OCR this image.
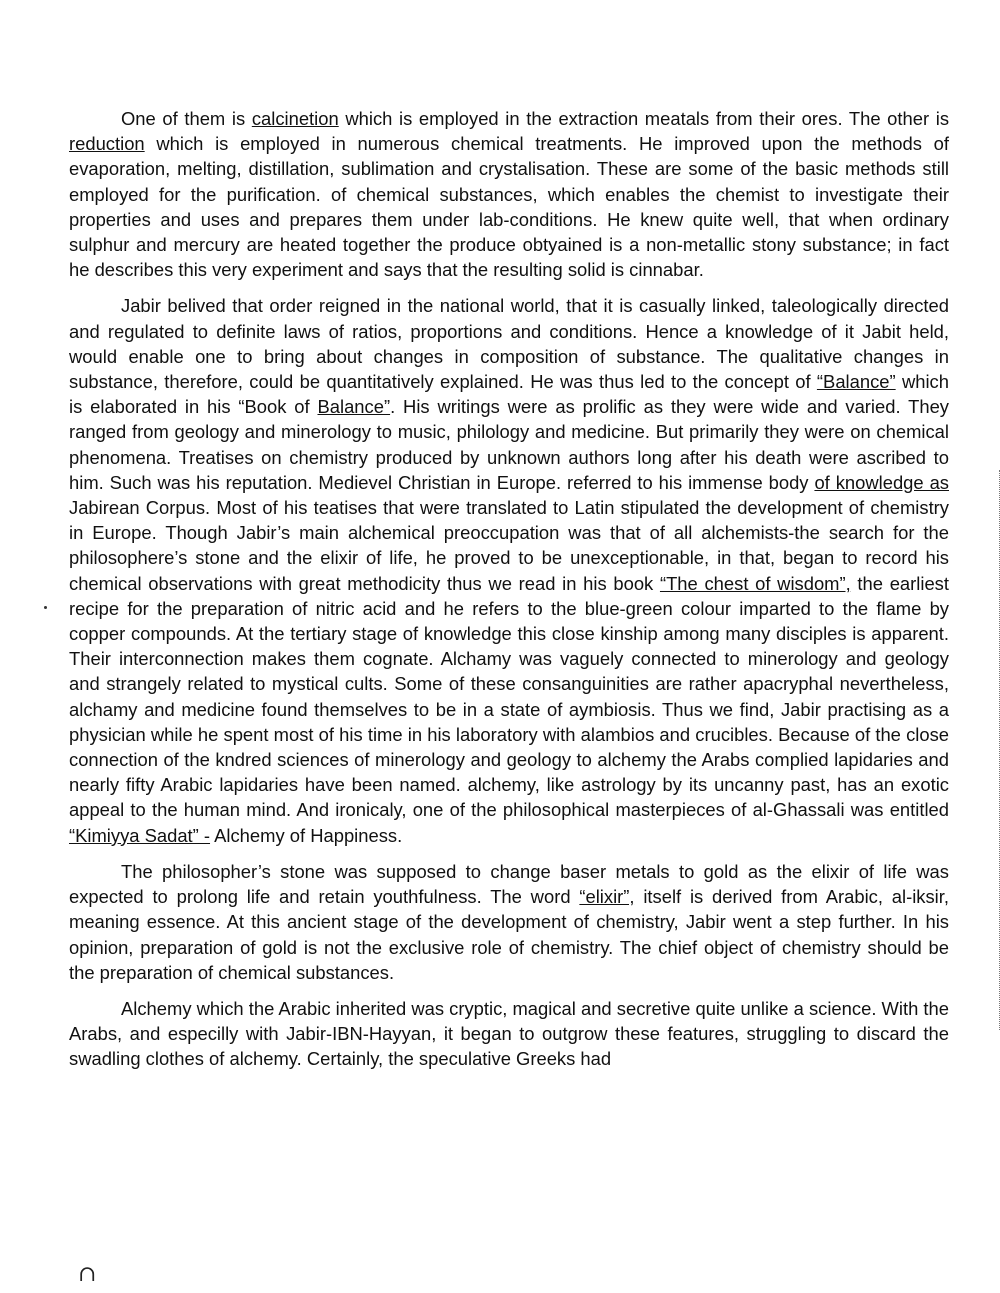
One of them is calcinetion which is employed in the extraction meatals from their ores. The other is reduction which is employed in numerous chemical treatments. He improved upon the methods of evaporation, melting, distillation, sublimation and crystalisation. These are some of the basic methods still employed for the purification. of chemical substances, which enables the chemist to investigate their properties and uses and prepares them under lab-conditions. He knew quite well, that when ordinary sulphur and mercury are heated together the produce obtyained is a non-metallic stony substance; in fact he describes this very experiment and says that the resulting solid is cinnabar.

Jabir belived that order reigned in the national world, that it is casually linked, taleologically directed and regulated to definite laws of ratios, proportions and conditions. Hence a knowledge of it Jabit held, would enable one to bring about changes in composition of substance. The qualitative changes in substance, therefore, could be quantitatively explained. He was thus led to the concept of “Balance” which is elaborated in his “Book of Balance”. His writings were as prolific as they were wide and varied. They ranged from geology and minerology to music, philology and medicine. But primarily they were on chemical phenomena. Treatises on chemistry produced by unknown authors long after his death were ascribed to him. Such was his reputation. Medievel Christian in Europe. referred to his immense body of knowledge as Jabirean Corpus. Most of his teatises that were translated to Latin stipulated the development of chemistry in Europe. Though Jabir’s main alchemical preoccupation was that of all alchemists-the search for the philosophere’s stone and the elixir of life, he proved to be unexceptionable, in that, began to record his chemical observations with great methodicity thus we read in his book “The chest of wisdom”, the earliest recipe for the preparation of nitric acid and he refers to the blue-green colour imparted to the flame by copper compounds. At the tertiary stage of knowledge this close kinship among many disciples is apparent. Their interconnection makes them cognate. Alchamy was vaguely connected to minerology and geology and strangely related to mystical cults. Some of these consanguinities are rather apacryphal nevertheless, alchamy and medicine found themselves to be in a state of aymbiosis. Thus we find, Jabir practising as a physician while he spent most of his time in his laboratory with alambios and crucibles. Because of the close connection of the kndred sciences of minerology and geology to alchemy the Arabs complied lapidaries and nearly fifty Arabic lapidaries have been named. alchemy, like astrology by its uncanny past, has an exotic appeal to the human mind. And ironicaly, one of the philosophical masterpieces of al-Ghassali was entitled “Kimiyya Sadat” - Alchemy of Happiness.

The philosopher’s stone was supposed to change baser metals to gold as the elixir of life was expected to prolong life and retain youthfulness. The word “elixir”, itself is derived from Arabic, al-iksir, meaning essence. At this ancient stage of the development of chemistry, Jabir went a step further. In his opinion, preparation of gold is not the exclusive role of chemistry. The chief object of chemistry should be the preparation of chemical substances.

Alchemy which the Arabic inherited was cryptic, magical and secretive quite unlike a science. With the Arabs, and especilly with Jabir-IBN-Hayyan, it began to outgrow these features, struggling to discard the swadling clothes of alchemy. Certainly, the speculative Greeks had

∩
